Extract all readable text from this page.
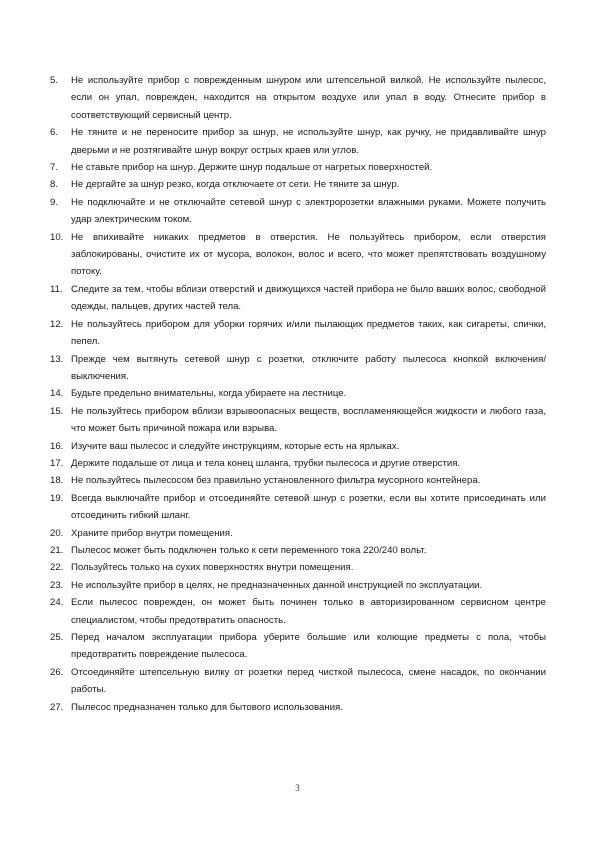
5.	Не используйте прибор с поврежденным шнуром или штепсельной вилкой. Не используйте пылесос, если он упал, поврежден, находится на открытом воздухе или упал в воду. Отнесите прибор в соответствующий сервисный центр.
6.	Не тяните и не переносите прибор за шнур, не используйте шнур, как ручку, не придавливайте шнур дверьми и не розтягивайте шнур вокруг острых краев или углов.
7.	Не ставьте прибор на шнур. Держите шнур подальше от нагретых поверхностей.
8.	Не дергайте за шнур резко, когда отключаете от сети. Не тяните за шнур.
9.	Не подключайте и не отключайте сетевой шнур с электророзетки влажными руками. Можете получить удар электрическим током.
10. Не впихивайте никаких предметов в отверстия. Не пользуйтесь прибором, если отверстия заблокированы, очистите их от мусора, волокон, волос и всего, что может препятствовать воздушному потоку.
11. Следите за тем, чтобы вблизи отверстий и движущихся частей прибора не было ваших волос, свободной одежды, пальцев, других частей тела.
12. Не пользуйтесь прибором для уборки горячих и/или пылающих предметов таких, как сигареты, спички, пепел.
13. Прежде чем вытянуть сетевой шнур с розетки, отключите работу пылесоса кнопкой включения/выключения.
14. Будьте предельно внимательны, когда убираете на лестнице.
15. Не пользуйтесь прибором вблизи взрывоопасных веществ, воспламеняющейся жидкости и любого газа, что может быть причиной пожара или взрыва.
16. Изучите ваш пылесос и следуйте инструкциям, которые есть на ярлыках.
17. Держите подальше от лица и тела конец шланга, трубки пылесоса и другие отверстия.
18. Не пользуйтесь пылесосом без правильно установленного фильтра мусорного контейнера.
19. Всегда выключайте прибор и отсоединяйте сетевой шнур с розетки, если вы хотите присоединать или отсоединить гибкий шланг.
20. Храните прибор внутри помещения.
21. Пылесос может быть подключен только к сети переменного тока 220/240 вольт.
22. Пользуйтесь только на сухих поверхностях внутри помещения.
23. Не используйте прибор в целях, не предназначенных данной инструкцией по эксплуатации.
24. Если пылесос поврежден, он может быть починен только в авторизированном сервисном центре специалистом, чтобы предотвратить опасность.
25. Перед началом эксплуатации прибора уберите большие или колющие предметы с пола, чтобы предотвратить повреждение пылесоса.
26. Отсоединяйте штепсельную вилку от розетки перед чисткой пылесоса, смене насадок, по окончании работы.
27. Пылесос предназначен только для бытового использования.
3
